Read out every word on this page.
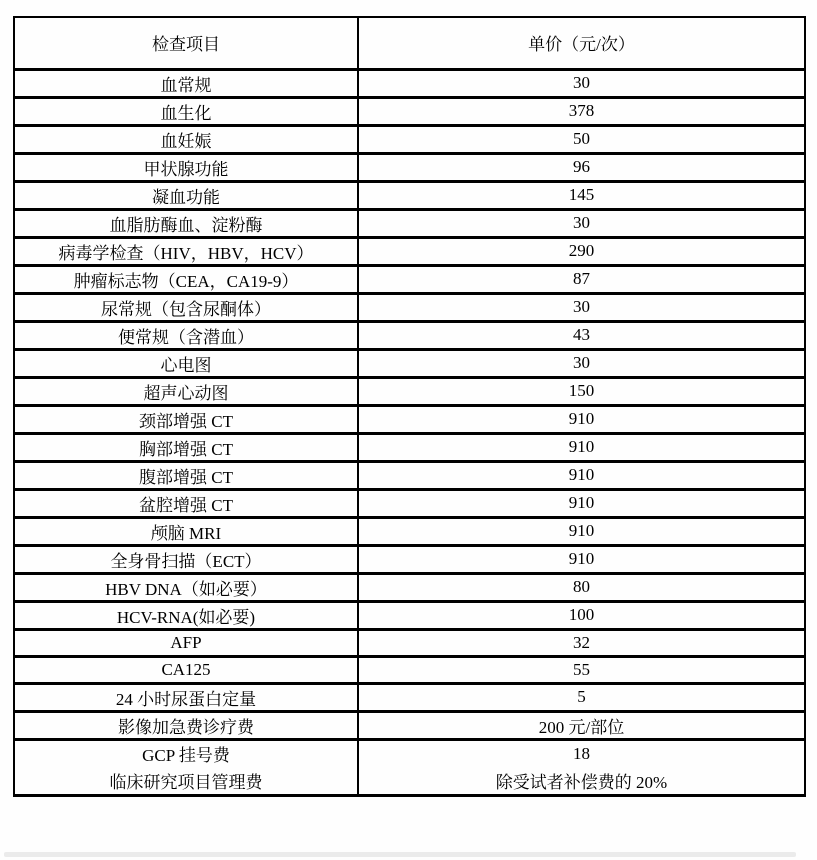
检查项目	单价（元/次）
血常规	30
血生化	378
血妊娠	50
甲状腺功能	96
凝血功能	145
血脂肪酶血、淀粉酶	30
病毒学检查（HIV，HBV，HCV）	290
肿瘤标志物（CEA，CA19-9）	87
尿常规（包含尿酮体）	30
便常规（含潜血）	43
心电图	30
超声心动图	150
颈部增强 CT	910
胸部增强 CT	910
腹部增强 CT	910
盆腔增强 CT	910
颅脑 MRI	910
全身骨扫描（ECT）	910
HBV DNA（如必要）	80
HCV-RNA(如必要)	100
AFP	32
CA125	55
24 小时尿蛋白定量	5
影像加急费诊疗费	200 元/部位
GCP 挂号费	18
临床研究项目管理费	除受试者补偿费的 20%
